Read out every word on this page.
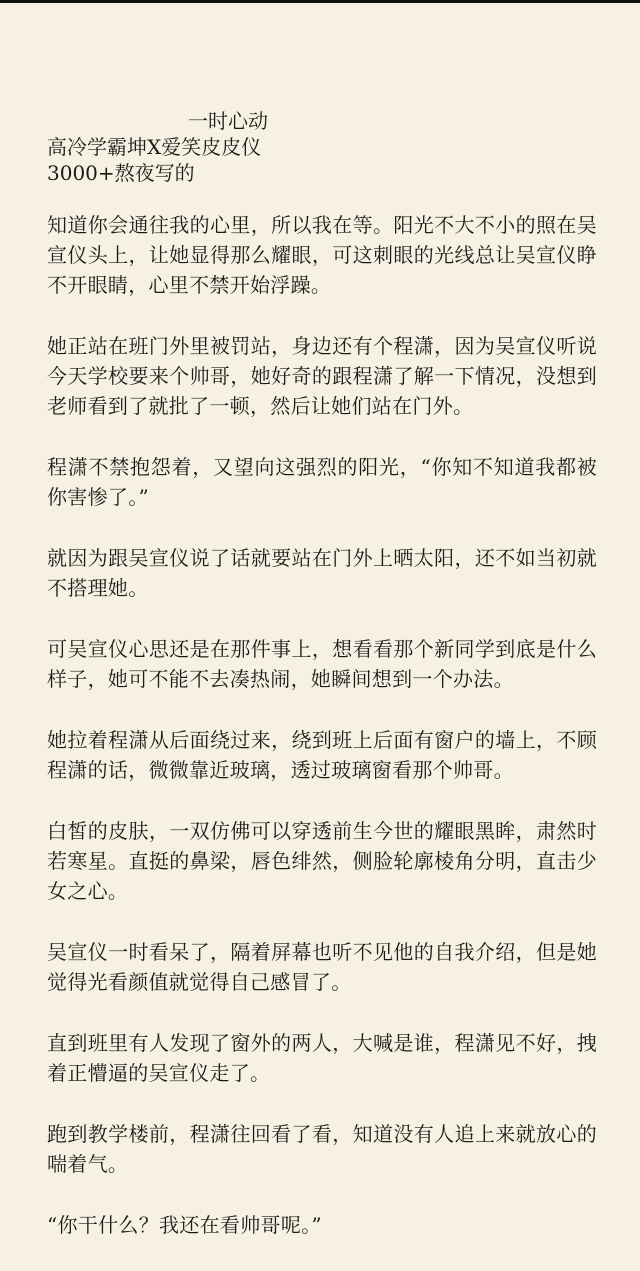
一时心动

高冷学霸坤X爱笑皮皮仪

3000+熬夜写的

知道你会通往我的心里，所以我在等。阳光不大不小的照在吴宣仪头上，让她显得那么耀眼，可这刺眼的光线总让吴宣仪睁不开眼睛，心里不禁开始浮躁。

她正站在班门外里被罚站，身边还有个程潇，因为吴宣仪听说今天学校要来个帅哥，她好奇的跟程潇了解一下情况，没想到老师看到了就批了一顿，然后让她们站在门外。

程潇不禁抱怨着，又望向这强烈的阳光，“你知不知道我都被你害惨了。”

就因为跟吴宣仪说了话就要站在门外上晒太阳，还不如当初就不搭理她。

可吴宣仪心思还是在那件事上，想看看那个新同学到底是什么样子，她可不能不去凑热闹，她瞬间想到一个办法。

她拉着程潇从后面绕过来，绕到班上后面有窗户的墙上，不顾程潇的话，微微靠近玻璃，透过玻璃窗看那个帅哥。

白皙的皮肤，一双仿佛可以穿透前生今世的耀眼黑眸，肃然时若寒星。直挺的鼻梁，唇色绯然，侧脸轮廓棱角分明，直击少女之心。

吴宣仪一时看呆了，隔着屏幕也听不见他的自我介绍，但是她觉得光看颜值就觉得自己感冒了。

直到班里有人发现了窗外的两人，大喊是谁，程潇见不好，拽着正懵逼的吴宣仪走了。

跑到教学楼前，程潇往回看了看，知道没有人追上来就放心的喘着气。

“你干什么？我还在看帅哥呢。”
